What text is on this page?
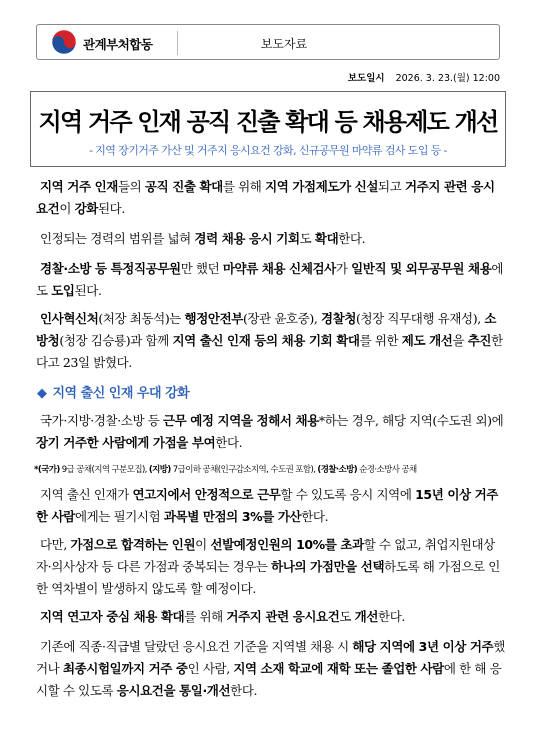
관계부처합동	보도자료
보도일시 2026. 3. 23.(월) 12:00
지역 거주 인재 공직 진출 확대 등 채용제도 개선
- 지역 장기거주 가산 및 거주지 응시요건 강화, 신규공무원 마약류 검사 도입 등 -

지역 거주 인재들의 공직 진출 확대를 위해 지역 가점제도가 신설되고 거주지 관련 응시요건이 강화된다.

인정되는 경력의 범위를 넓혀 경력 채용 응시 기회도 확대한다.

경찰·소방 등 특정직공무원만 했던 마약류 채용 신체검사가 일반직 및 외무공무원 채용에도 도입된다.

인사혁신처(처장 최동석)는 행정안전부(장관 윤호중), 경찰청(청장 직무대행 유재성), 소방청(청장 김승룡)과 함께 지역 출신 인재 등의 채용 기회 확대를 위한 제도 개선을 추진한다고 23일 밝혔다.

◆ 지역 출신 인재 우대 강화

국가·지방·경찰·소방 등 근무 예정 지역을 정해서 채용*하는 경우, 해당 지역(수도권 외)에 장기 거주한 사람에게 가점을 부여한다.

*(국가) 9급 공채(지역 구분모집), (지방) 7급이하 공채(인구감소지역, 수도권 포함), (경찰·소방) 순경·소방사 공채

지역 출신 인재가 연고지에서 안정적으로 근무할 수 있도록 응시 지역에 15년 이상 거주한 사람에게는 필기시험 과목별 만점의 3%를 가산한다.

다만, 가점으로 합격하는 인원이 선발예정인원의 10%를 초과할 수 없고, 취업지원대상자·의사상자 등 다른 가점과 중복되는 경우는 하나의 가점만을 선택하도록 해 가점으로 인한 역차별이 발생하지 않도록 할 예정이다.

지역 연고자 중심 채용 확대를 위해 거주지 관련 응시요건도 개선한다.

기존에 직종·직급별 달랐던 응시요건 기준을 지역별 채용 시 해당 지역에 3년 이상 거주했거나 최종시험일까지 거주 중인 사람, 지역 소재 학교에 재학 또는 졸업한 사람에 한 해 응시할 수 있도록 응시요건을 통일·개선한다.
